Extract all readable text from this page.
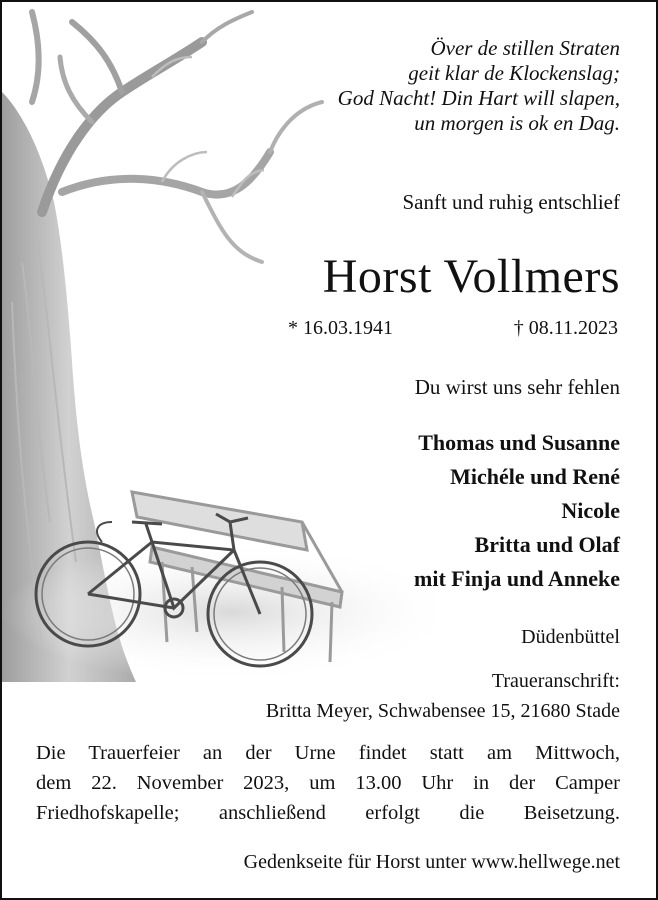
Över de stillen Straten
geit klar de Klockenslag;
God Nacht! Din Hart will slapen,
un morgen is ok en Dag.
Sanft und ruhig entschlief
Horst Vollmers
* 16.03.1941	† 08.11.2023
Du wirst uns sehr fehlen
Thomas und Susanne
Michéle und René
Nicole
Britta und Olaf
mit Finja und Anneke
Düdenbüttel
Traueranschrift:
Britta Meyer, Schwabensee 15, 21680 Stade
Die Trauerfeier an der Urne findet statt am Mittwoch,
dem 22. November 2023, um 13.00 Uhr in der Camper
Friedhofskapelle; anschließend erfolgt die Beisetzung.
Gedenkseite für Horst unter www.hellwege.net
